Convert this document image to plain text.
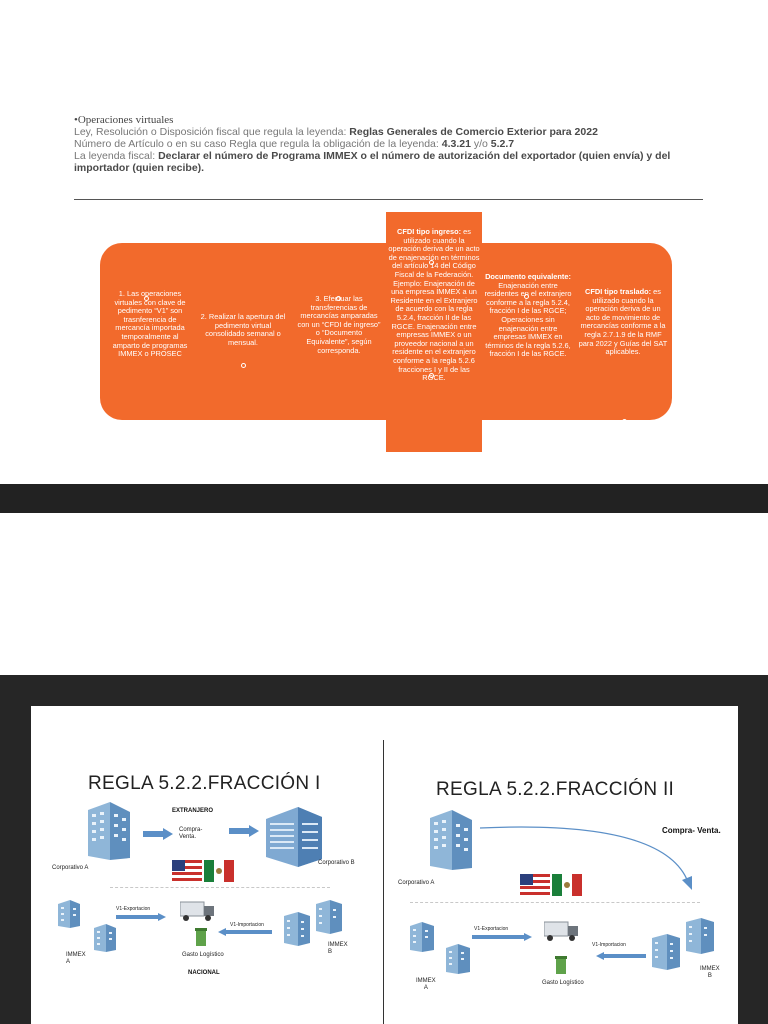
•Operaciones virtuales
Ley, Resolución o Disposición fiscal que regula la leyenda: Reglas Generales de Comercio Exterior para 2022
Número de Artículo o en su caso Regla que regula la obligación de la leyenda: 4.3.21 y/o 5.2.7
La leyenda fiscal: Declarar el número de Programa IMMEX o el número de autorización del exportador (quien envía) y del importador (quien recibe).
1. Las operaciones virtuales con clave de pedimento “V1” son trasnferencia de mercancía importada temporalmente al amparto de programas IMMEX o PROSEC
2. Realizar la apertura del pedimento virtual consolidado semanal o mensual.
3. Efectuar las transferencias de mercancías amparadas con un “CFDI de ingreso” o “Documento Equivalente”, según corresponda.
CFDI tipo ingreso: es utilizado cuando la operación deriva de un acto de enajenación en términos del artículo 14 del Código Fiscal de la Federación. Ejemplo: Enajenación de una empresa IMMEX a un Residente en el Extranjero de acuerdo con la regla 5.2.4, fracción II de las RGCE. Enajenación entre empresas IMMEX o un proveedor nacional a un residente en el extranjero conforme a la regla 5.2.6 fracciones I y II de las RGCE.
Documento equivalente: Enajenación entre residentes en el extranjero conforme a la regla 5.2.4, fracción I de las RGCE; Operaciones sin enajenación entre empresas IMMEX en términos de la regla 5.2.6, fracción I de las RGCE.
CFDI tipo traslado: es utilizado cuando la operación deriva de un acto de movimiento de mercancías conforme a la regla 2.7.1.9 de la RMF para 2022 y Guías del SAT aplicables.
REGLA 5.2.2.FRACCIÓN I
Corporativo A
EXTRANJERO
Compra-
Venta.
Corporativo B
IMMEX
A
V1-Exportacion
Gasto Logístico
NACIONAL
V1-Importacion
IMMEX
B
REGLA 5.2.2.FRACCIÓN II
Corporativo A
Compra- Venta.
IMMEX
A
V1-Exportacion
Gasto Logístico
V1-Importacion
IMMEX
B
